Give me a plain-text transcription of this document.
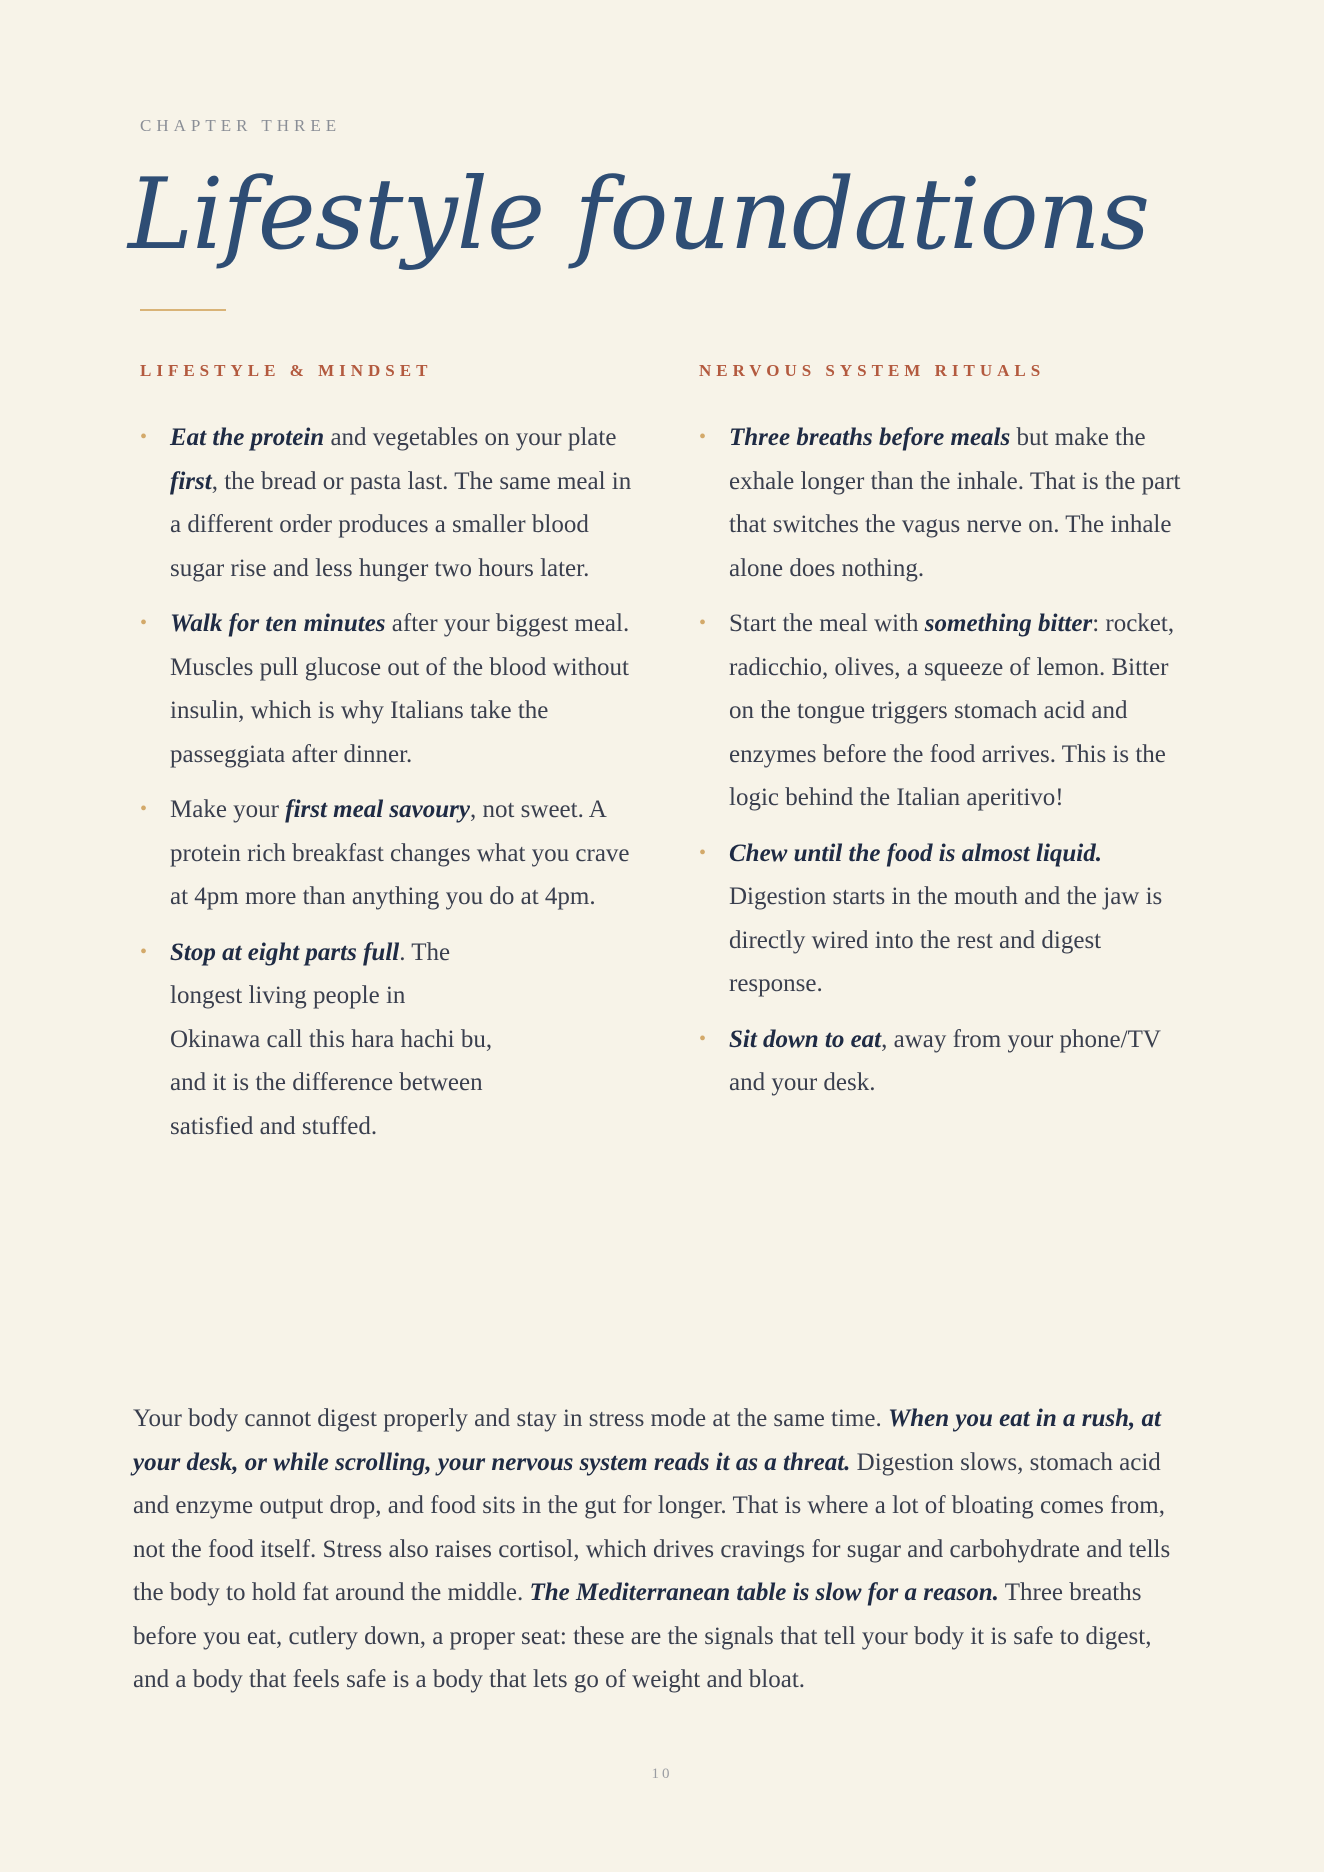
CHAPTER THREE
Lifestyle foundations
LIFESTYLE & MINDSET
• Eat the protein and vegetables on your plate first, the bread or pasta last. The same meal in a different order produces a smaller blood sugar rise and less hunger two hours later.
• Walk for ten minutes after your biggest meal. Muscles pull glucose out of the blood without insulin, which is why Italians take the passeggiata after dinner.
• Make your first meal savoury, not sweet. A protein rich breakfast changes what you crave at 4pm more than anything you do at 4pm.
• Stop at eight parts full. The longest living people in Okinawa call this hara hachi bu, and it is the difference between satisfied and stuffed.
NERVOUS SYSTEM RITUALS
• Three breaths before meals but make the exhale longer than the inhale. That is the part that switches the vagus nerve on. The inhale alone does nothing.
• Start the meal with something bitter: rocket, radicchio, olives, a squeeze of lemon. Bitter on the tongue triggers stomach acid and enzymes before the food arrives. This is the logic behind the Italian aperitivo!
• Chew until the food is almost liquid. Digestion starts in the mouth and the jaw is directly wired into the rest and digest response.
• Sit down to eat, away from your phone/TV and your desk.

Your body cannot digest properly and stay in stress mode at the same time. When you eat in a rush, at your desk, or while scrolling, your nervous system reads it as a threat. Digestion slows, stomach acid and enzyme output drop, and food sits in the gut for longer. That is where a lot of bloating comes from, not the food itself. Stress also raises cortisol, which drives cravings for sugar and carbohydrate and tells the body to hold fat around the middle. The Mediterranean table is slow for a reason. Three breaths before you eat, cutlery down, a proper seat: these are the signals that tell your body it is safe to digest, and a body that feels safe is a body that lets go of weight and bloat.

10
